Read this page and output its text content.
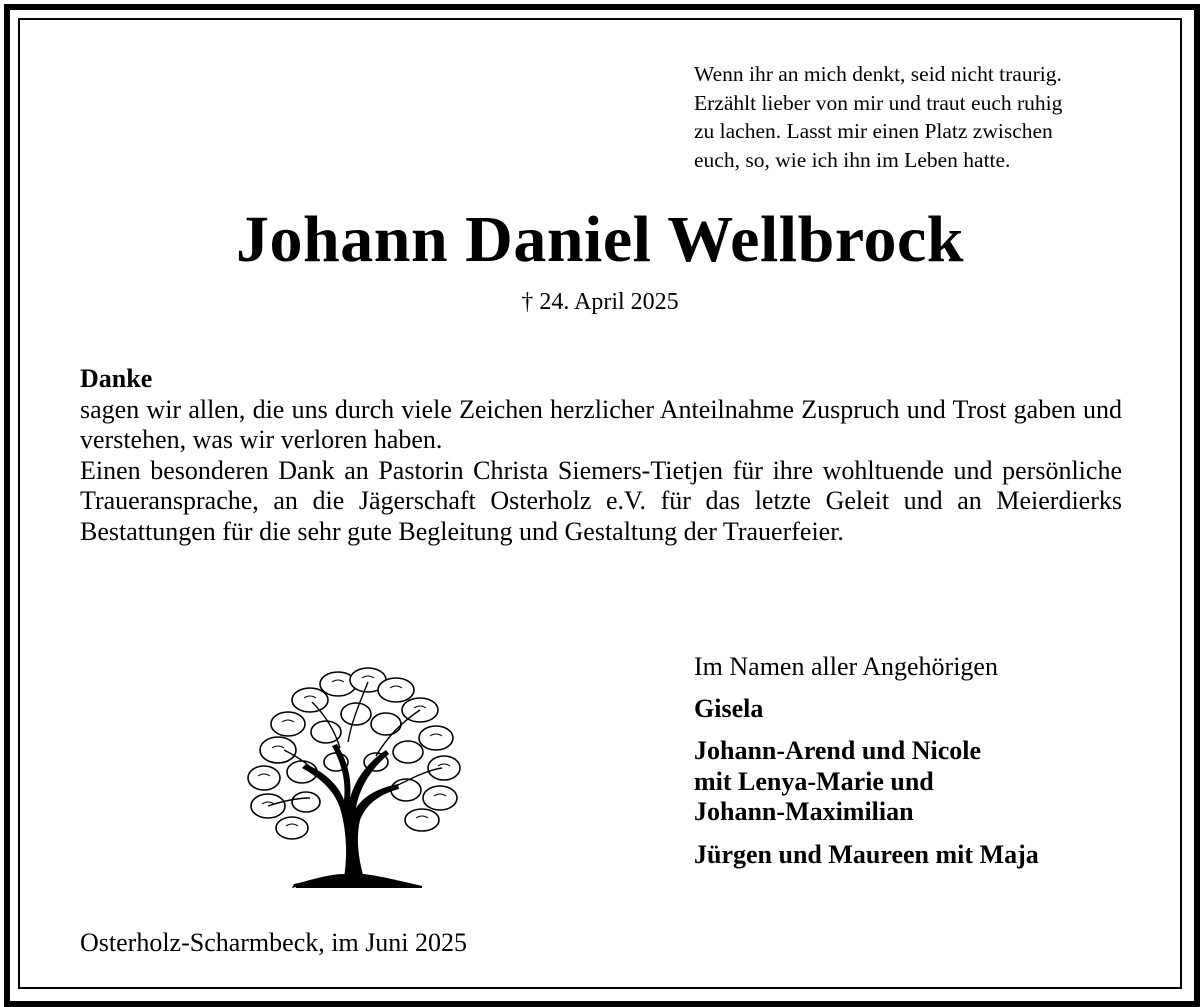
Wenn ihr an mich denkt, seid nicht traurig.
Erzählt lieber von mir und traut euch ruhig
zu lachen. Lasst mir einen Platz zwischen
euch, so, wie ich ihn im Leben hatte.
Johann Daniel Wellbrock
† 24. April 2025

Danke

sagen wir allen, die uns durch viele Zeichen herzlicher Anteilnahme Zuspruch und Trost gaben und verstehen, was wir verloren haben.

Einen besonderen Dank an Pastorin Christa Siemers-Tietjen für ihre wohltuende und persönliche Traueransprache, an die Jägerschaft Osterholz e.V. für das letzte Geleit und an Meierdierks Bestattungen für die sehr gute Begleitung und Gestaltung der Trauerfeier.

Im Namen aller Angehörigen
Gisela
Johann-Arend und Nicole
mit Lenya-Marie und
Johann-Maximilian
Jürgen und Maureen mit Maja
Osterholz-Scharmbeck, im Juni 2025
